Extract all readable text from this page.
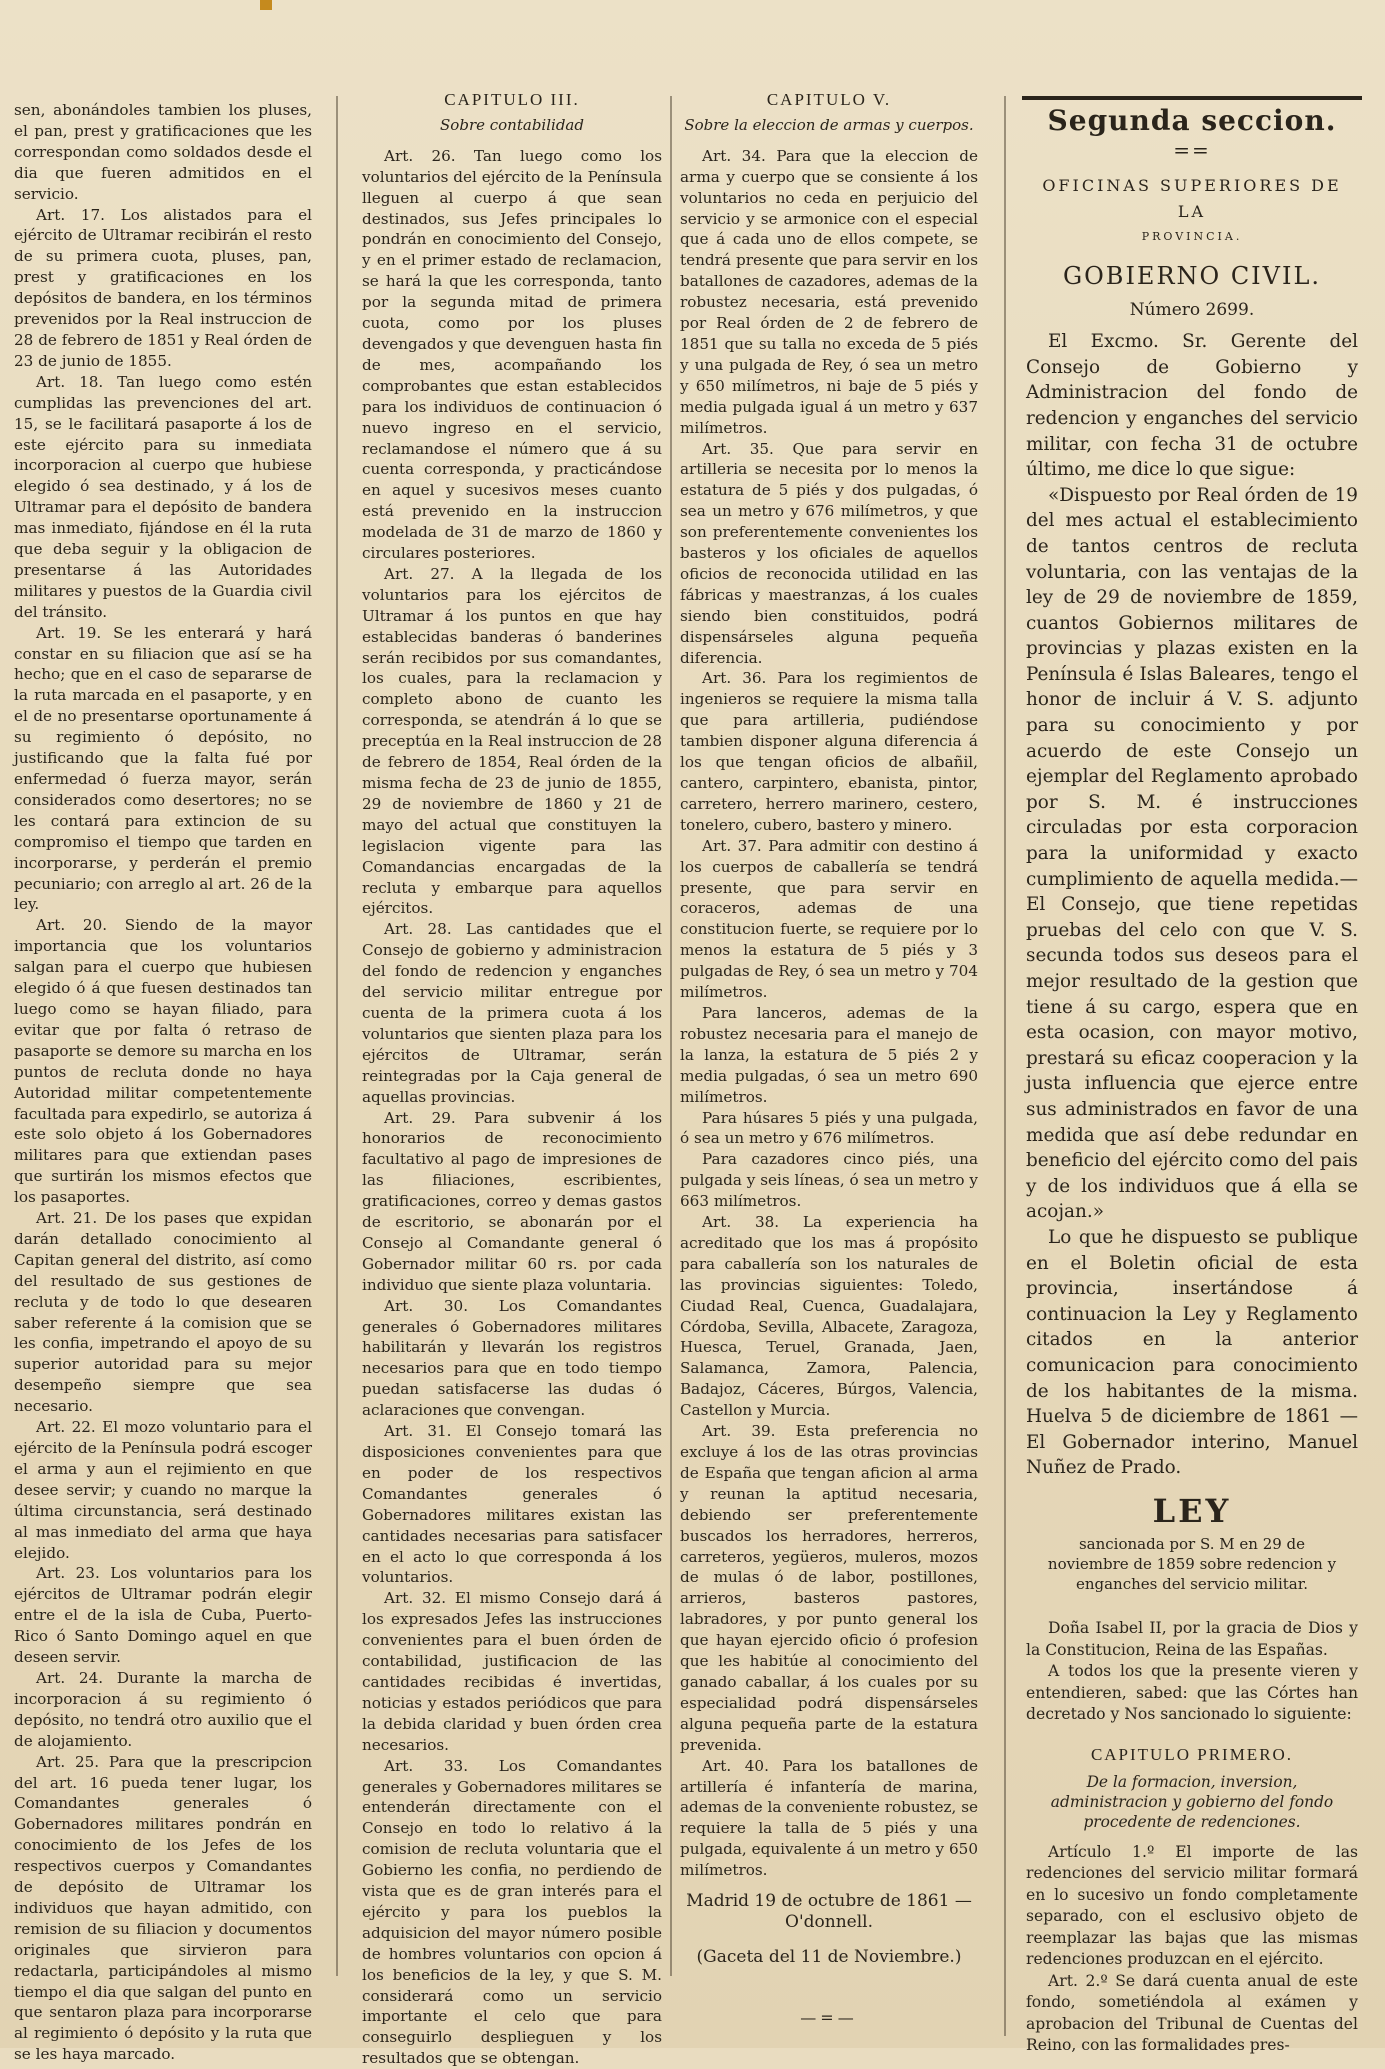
sen, abonándoles tambien los pluses, el pan, prest y gratificaciones que les correspondan como soldados desde el dia que fueren admitidos en el servicio.

Art. 17. Los alistados para el ejército de Ultramar recibirán el resto de su primera cuota, pluses, pan, prest y gratificaciones en los depósitos de bandera, en los términos prevenidos por la Real instruccion de 28 de febrero de 1851 y Real órden de 23 de junio de 1855.

Art. 18. Tan luego como estén cumplidas las prevenciones del art. 15, se le facilitará pasaporte á los de este ejército para su inmediata incorporacion al cuerpo que hubiese elegido ó sea destinado, y á los de Ultramar para el depósito de bandera mas inmediato, fijándose en él la ruta que deba seguir y la obligacion de presentarse á las Autoridades militares y puestos de la Guardia civil del tránsito.

Art. 19. Se les enterará y hará constar en su filiacion que así se ha hecho; que en el caso de separarse de la ruta marcada en el pasaporte, y en el de no presentarse oportunamente á su regimiento ó depósito, no justificando que la falta fué por enfermedad ó fuerza mayor, serán considerados como desertores; no se les contará para extincion de su compromiso el tiempo que tarden en incorporarse, y perderán el premio pecuniario; con arreglo al art. 26 de la ley.

Art. 20. Siendo de la mayor importancia que los voluntarios salgan para el cuerpo que hubiesen elegido ó á que fuesen destinados tan luego como se hayan filiado, para evitar que por falta ó retraso de pasaporte se demore su marcha en los puntos de recluta donde no haya Autoridad militar competentemente facultada para expedirlo, se autoriza á este solo objeto á los Gobernadores militares para que extiendan pases que surtirán los mismos efectos que los pasaportes.

Art. 21. De los pases que expidan darán detallado conocimiento al Capitan general del distrito, así como del resultado de sus gestiones de recluta y de todo lo que desearen saber referente á la comision que se les confia, impetrando el apoyo de su superior autoridad para su mejor desempeño siempre que sea necesario.

Art. 22. El mozo voluntario para el ejército de la Península podrá escoger el arma y aun el rejimiento en que desee servir; y cuando no marque la última circunstancia, será destinado al mas inmediato del arma que haya elejido.

Art. 23. Los voluntarios para los ejércitos de Ultramar podrán elegir entre el de la isla de Cuba, Puerto-Rico ó Santo Domingo aquel en que deseen servir.

Art. 24. Durante la marcha de incorporacion á su regimiento ó depósito, no tendrá otro auxilio que el de alojamiento.

Art. 25. Para que la prescripcion del art. 16 pueda tener lugar, los Comandantes generales ó Gobernadores militares pondrán en conocimiento de los Jefes de los respectivos cuerpos y Comandantes de depósito de Ultramar los individuos que hayan admitido, con remision de su filiacion y documentos originales que sirvieron para redactarla, participándoles al mismo tiempo el dia que salgan del punto en que sentaron plaza para incorporarse al regimiento ó depósito y la ruta que se les haya marcado.

CAPITULO III.
Sobre contabilidad

Art. 26. Tan luego como los voluntarios del ejército de la Península lleguen al cuerpo á que sean destinados, sus Jefes principales lo pondrán en conocimiento del Consejo, y en el primer estado de reclamacion, se hará la que les corresponda, tanto por la segunda mitad de primera cuota, como por los pluses devengados y que devenguen hasta fin de mes, acompañando los comprobantes que estan establecidos para los individuos de continuacion ó nuevo ingreso en el servicio, reclamandose el número que á su cuenta corresponda, y practicándose en aquel y sucesivos meses cuanto está prevenido en la instruccion modelada de 31 de marzo de 1860 y circulares posteriores.

Art. 27. A la llegada de los voluntarios para los ejércitos de Ultramar á los puntos en que hay establecidas banderas ó banderines serán recibidos por sus comandantes, los cuales, para la reclamacion y completo abono de cuanto les corresponda, se atendrán á lo que se preceptúa en la Real instruccion de 28 de febrero de 1854, Real órden de la misma fecha de 23 de junio de 1855, 29 de noviembre de 1860 y 21 de mayo del actual que constituyen la legislacion vigente para las Comandancias encargadas de la recluta y embarque para aquellos ejércitos.

Art. 28. Las cantidades que el Consejo de gobierno y administracion del fondo de redencion y enganches del servicio militar entregue por cuenta de la primera cuota á los voluntarios que sienten plaza para los ejércitos de Ultramar, serán reintegradas por la Caja general de aquellas provincias.

Art. 29. Para subvenir á los honorarios de reconocimiento facultativo al pago de impresiones de las filiaciones, escribientes, gratificaciones, correo y demas gastos de escritorio, se abonarán por el Consejo al Comandante general ó Gobernador militar 60 rs. por cada individuo que siente plaza voluntaria.

Art. 30. Los Comandantes generales ó Gobernadores militares habilitarán y llevarán los registros necesarios para que en todo tiempo puedan satisfacerse las dudas ó aclaraciones que convengan.

Art. 31. El Consejo tomará las disposiciones convenientes para que en poder de los respectivos Comandantes generales ó Gobernadores militares existan las cantidades necesarias para satisfacer en el acto lo que corresponda á los voluntarios.

Art. 32. El mismo Consejo dará á los expresados Jefes las instrucciones convenientes para el buen órden de contabilidad, justificacion de las cantidades recibidas é invertidas, noticias y estados periódicos que para la debida claridad y buen órden crea necesarios.

Art. 33. Los Comandantes generales y Gobernadores militares se entenderán directamente con el Consejo en todo lo relativo á la comision de recluta voluntaria que el Gobierno les confia, no perdiendo de vista que es de gran interés para el ejército y para los pueblos la adquisicion del mayor número posible de hombres voluntarios con opcion á los beneficios de la ley, y que S. M. considerará como un servicio importante el celo que para conseguirlo desplieguen y los resultados que se obtengan.

CAPITULO V.
Sobre la eleccion de armas y cuerpos.

Art. 34. Para que la eleccion de arma y cuerpo que se consiente á los voluntarios no ceda en perjuicio del servicio y se armonice con el especial que á cada uno de ellos compete, se tendrá presente que para servir en los batallones de cazadores, ademas de la robustez necesaria, está prevenido por Real órden de 2 de febrero de 1851 que su talla no exceda de 5 piés y una pulgada de Rey, ó sea un metro y 650 milímetros, ni baje de 5 piés y media pulgada igual á un metro y 637 milímetros.

Art. 35. Que para servir en artilleria se necesita por lo menos la estatura de 5 piés y dos pulgadas, ó sea un metro y 676 milímetros, y que son preferentemente convenientes los basteros y los oficiales de aquellos oficios de reconocida utilidad en las fábricas y maestranzas, á los cuales siendo bien constituidos, podrá dispensárseles alguna pequeña diferencia.

Art. 36. Para los regimientos de ingenieros se requiere la misma talla que para artilleria, pudiéndose tambien disponer alguna diferencia á los que tengan oficios de albañil, cantero, carpintero, ebanista, pintor, carretero, herrero marinero, cestero, tonelero, cubero, bastero y minero.

Art. 37. Para admitir con destino á los cuerpos de caballería se tendrá presente, que para servir en coraceros, ademas de una constitucion fuerte, se requiere por lo menos la estatura de 5 piés y 3 pulgadas de Rey, ó sea un metro y 704 milímetros.

Para lanceros, ademas de la robustez necesaria para el manejo de la lanza, la estatura de 5 piés 2 y media pulgadas, ó sea un metro 690 milímetros.

Para húsares 5 piés y una pulgada, ó sea un metro y 676 milímetros.

Para cazadores cinco piés, una pulgada y seis líneas, ó sea un metro y 663 milímetros.

Art. 38. La experiencia ha acreditado que los mas á propósito para caballería son los naturales de las provincias siguientes: Toledo, Ciudad Real, Cuenca, Guadalajara, Córdoba, Sevilla, Albacete, Zaragoza, Huesca, Teruel, Granada, Jaen, Salamanca, Zamora, Palencia, Badajoz, Cáceres, Búrgos, Valencia, Castellon y Murcia.

Art. 39. Esta preferencia no excluye á los de las otras provincias de España que tengan aficion al arma y reunan la aptitud necesaria, debiendo ser preferentemente buscados los herradores, herreros, carreteros, yegüeros, muleros, mozos de mulas ó de labor, postillones, arrieros, basteros pastores, labradores, y por punto general los que hayan ejercido oficio ó profesion que les habitúe al conocimiento del ganado caballar, á los cuales por su especialidad podrá dispensárseles alguna pequeña parte de la estatura prevenida.

Art. 40. Para los batallones de artillería é infantería de marina, ademas de la conveniente robustez, se requiere la talla de 5 piés y una pulgada, equivalente á un metro y 650 milímetros.

Madrid 19 de octubre de 1861 — O'donnell.
(Gaceta del 11 de Noviembre.)
—=—
Segunda seccion.
==
OFICINAS SUPERIORES DE LA
PROVINCIA.
GOBIERNO CIVIL.
Número 2699.

El Excmo. Sr. Gerente del Consejo de Gobierno y Administracion del fondo de redencion y enganches del servicio militar, con fecha 31 de octubre último, me dice lo que sigue:

«Dispuesto por Real órden de 19 del mes actual el establecimiento de tantos centros de recluta voluntaria, con las ventajas de la ley de 29 de noviembre de 1859, cuantos Gobiernos militares de provincias y plazas existen en la Península é Islas Baleares, tengo el honor de incluir á V. S. adjunto para su conocimiento y por acuerdo de este Consejo un ejemplar del Reglamento aprobado por S. M. é instrucciones circuladas por esta corporacion para la uniformidad y exacto cumplimiento de aquella medida.—El Consejo, que tiene repetidas pruebas del celo con que V. S. secunda todos sus deseos para el mejor resultado de la gestion que tiene á su cargo, espera que en esta ocasion, con mayor motivo, prestará su eficaz cooperacion y la justa influencia que ejerce entre sus administrados en favor de una medida que así debe redundar en beneficio del ejército como del pais y de los individuos que á ella se acojan.»

Lo que he dispuesto se publique en el Boletin oficial de esta provincia, insertándose á continuacion la Ley y Reglamento citados en la anterior comunicacion para conocimiento de los habitantes de la misma. Huelva 5 de diciembre de 1861 —El Gobernador interino, Manuel Nuñez de Prado.

LEY
sancionada por S. M en 29 de noviembre de 1859 sobre redencion y enganches del servicio militar.

Doña Isabel II, por la gracia de Dios y la Constitucion, Reina de las Españas.

A todos los que la presente vieren y entendieren, sabed: que las Córtes han decretado y Nos sancionado lo siguiente:

CAPITULO PRIMERO.
De la formacion, inversion, administracion y gobierno del fondo procedente de redenciones.

Artículo 1.º El importe de las redenciones del servicio militar formará en lo sucesivo un fondo completamente separado, con el esclusivo objeto de reemplazar las bajas que las mismas redenciones produzcan en el ejército.

Art. 2.º Se dará cuenta anual de este fondo, sometiéndola al exámen y aprobacion del Tribunal de Cuentas del Reino, con las formalidades pres-
